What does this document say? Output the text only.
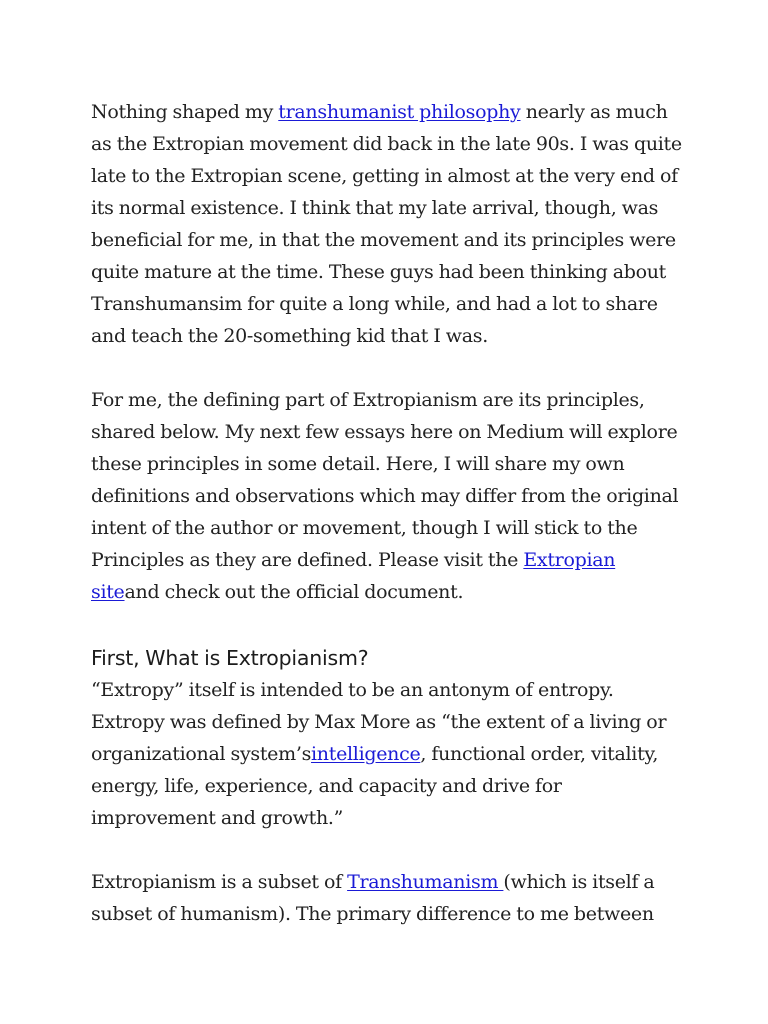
Nothing shaped my transhumanist philosophy nearly as much
as the Extropian movement did back in the late 90s. I was quite
late to the Extropian scene, getting in almost at the very end of
its normal existence. I think that my late arrival, though, was
beneficial for me, in that the movement and its principles were
quite mature at the time. These guys had been thinking about
Transhumansim for quite a long while, and had a lot to share
and teach the 20-something kid that I was.

For me, the defining part of Extropianism are its principles,
shared below. My next few essays here on Medium will explore
these principles in some detail. Here, I will share my own
definitions and observations which may differ from the original
intent of the author or movement, though I will stick to the
Principles as they are defined. Please visit the Extropian
siteand check out the official document.

First, What is Extropianism?

“Extropy” itself is intended to be an antonym of entropy.
Extropy was defined by Max More as “the extent of a living or
organizational system’sintelligence, functional order, vitality,
energy, life, experience, and capacity and drive for
improvement and growth.”

Extropianism is a subset of Transhumanism (which is itself a
subset of humanism). The primary difference to me between
